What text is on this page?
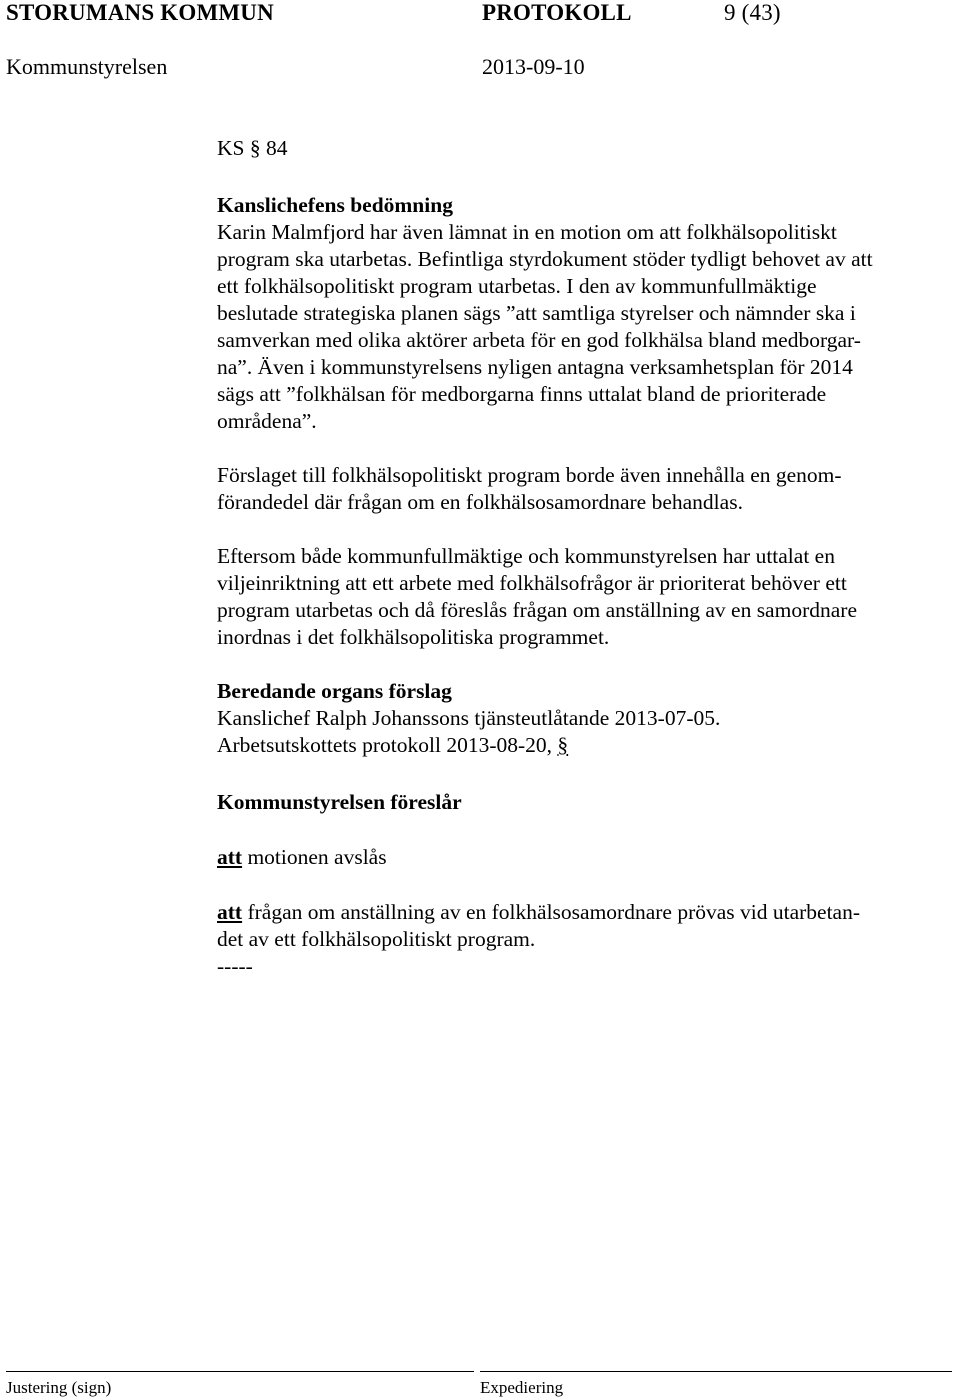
STORUMANS KOMMUN	PROTOKOLL	9 (43)
Kommunstyrelsen	2013-09-10

KS § 84

Kanslichefens bedömning

Karin Malmfjord har även lämnat in en motion om att folkhälsopolitiskt
program ska utarbetas. Befintliga styrdokument stöder tydligt behovet av att
ett folkhälsopolitiskt program utarbetas. I den av kommunfullmäktige
beslutade strategiska planen sägs ”att samtliga styrelser och nämnder ska i
samverkan med olika aktörer arbeta för en god folkhälsa bland medborgar-
na”. Även i kommunstyrelsens nyligen antagna verksamhetsplan för 2014
sägs att ”folkhälsan för medborgarna finns uttalat bland de prioriterade
områdena”.

Förslaget till folkhälsopolitiskt program borde även innehålla en genom-
förandedel där frågan om en folkhälsosamordnare behandlas.

Eftersom både kommunfullmäktige och kommunstyrelsen har uttalat en
viljeinriktning att ett arbete med folkhälsofrågor är prioriterat behöver ett
program utarbetas och då föreslås frågan om anställning av en samordnare
inordnas i det folkhälsopolitiska programmet.

Beredande organs förslag

Kanslichef Ralph Johanssons tjänsteutlåtande 2013-07-05.
Arbetsutskottets protokoll 2013-08-20, §

Kommunstyrelsen föreslår

att motionen avslås

att frågan om anställning av en folkhälsosamordnare prövas vid utarbetan-
det av ett folkhälsopolitiskt program.
-----

Justering (sign)	Expediering
